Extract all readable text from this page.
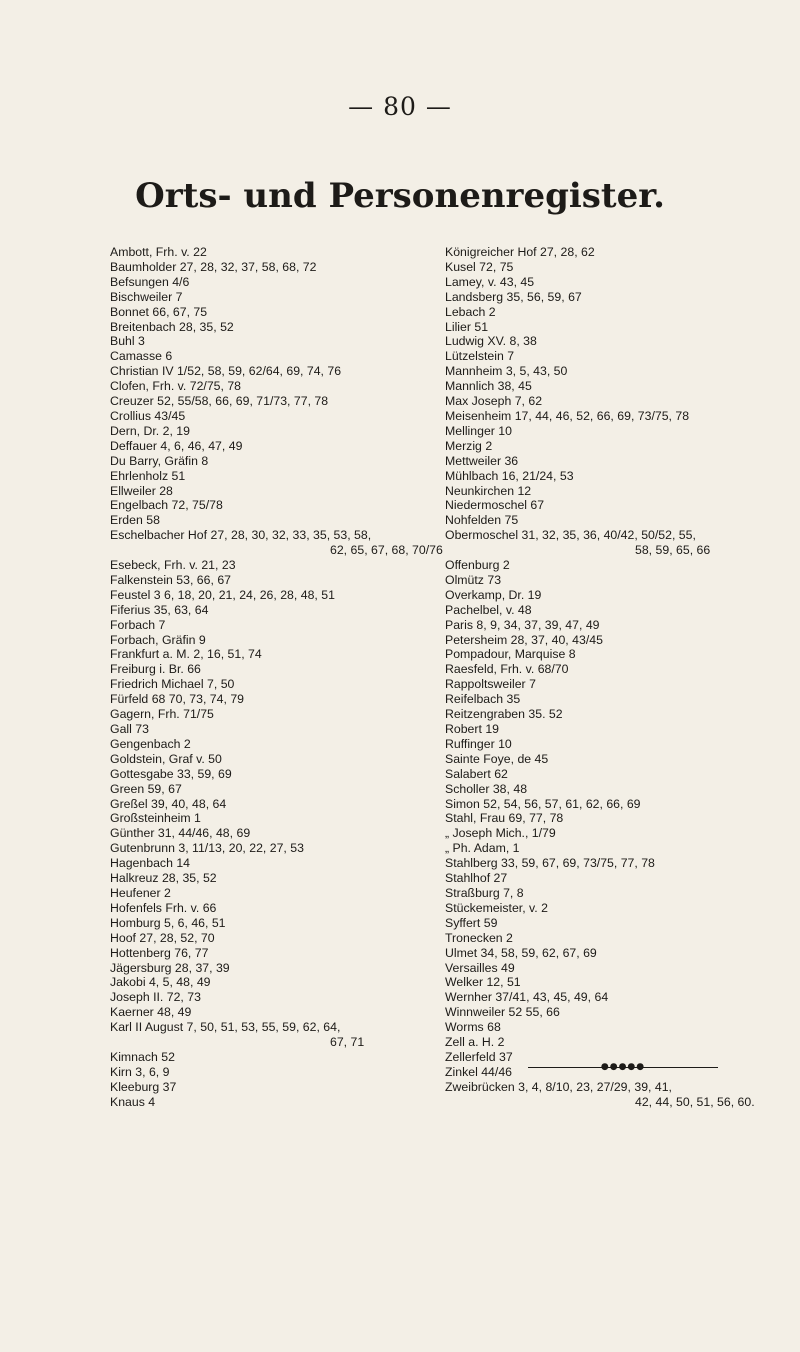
— 80 —
Orts- und Personenregister.
Ambott, Frh. v. 22
Baumholder 27, 28, 32, 37, 58, 68, 72
Befsungen 4/6
Bischweiler 7
Bonnet 66, 67, 75
Breitenbach 28, 35, 52
Buhl 3
Camasse 6
Christian IV 1/52, 58, 59, 62/64, 69, 74, 76
Clofen, Frh. v. 72/75, 78
Creuzer 52, 55/58, 66, 69, 71/73, 77, 78
Crollius 43/45
Dern, Dr. 2, 19
Deffauer 4, 6, 46, 47, 49
Du Barry, Gräfin 8
Ehrlenholz 51
Ellweiler 28
Engelbach 72, 75/78
Erden 58
Eschelbacher Hof 27, 28, 30, 32, 33, 35, 53, 58,
62, 65, 67, 68, 70/76
Esebeck, Frh. v. 21, 23
Falkenstein 53, 66, 67
Feustel 3 6, 18, 20, 21, 24, 26, 28, 48, 51
Fiferius 35, 63, 64
Forbach 7
Forbach, Gräfin 9
Frankfurt a. M. 2, 16, 51, 74
Freiburg i. Br. 66
Friedrich Michael 7, 50
Fürfeld 68 70, 73, 74, 79
Gagern, Frh. 71/75
Gall 73
Gengenbach 2
Goldstein, Graf v. 50
Gottesgabe 33, 59, 69
Green 59, 67
Greßel 39, 40, 48, 64
Großsteinheim 1
Günther 31, 44/46, 48, 69
Gutenbrunn 3, 11/13, 20, 22, 27, 53
Hagenbach 14
Halkreuz 28, 35, 52
Heufener 2
Hofenfels Frh. v. 66
Homburg 5, 6, 46, 51
Hoof 27, 28, 52, 70
Hottenberg 76, 77
Jägersburg 28, 37, 39
Jakobi 4, 5, 48, 49
Joseph II. 72, 73
Kaerner 48, 49
Karl II August 7, 50, 51, 53, 55, 59, 62, 64,
67, 71
Kimnach 52
Kirn 3, 6, 9
Kleeburg 37
Knaus 4
Königreicher Hof 27, 28, 62
Kusel 72, 75
Lamey, v. 43, 45
Landsberg 35, 56, 59, 67
Lebach 2
Lilier 51
Ludwig XV. 8, 38
Lützelstein 7
Mannheim 3, 5, 43, 50
Mannlich 38, 45
Max Joseph 7, 62
Meisenheim 17, 44, 46, 52, 66, 69, 73/75, 78
Mellinger 10
Merzig 2
Mettweiler 36
Mühlbach 16, 21/24, 53
Neunkirchen 12
Niedermoschel 67
Nohfelden 75
Obermoschel 31, 32, 35, 36, 40/42, 50/52, 55,
58, 59, 65, 66
Offenburg 2
Olmütz 73
Overkamp, Dr. 19
Pachelbel, v. 48
Paris 8, 9, 34, 37, 39, 47, 49
Petersheim 28, 37, 40, 43/45
Pompadour, Marquise 8
Raesfeld, Frh. v. 68/70
Rappoltsweiler 7
Reifelbach 35
Reitzengraben 35. 52
Robert 19
Ruffinger 10
Sainte Foye, de 45
Salabert 62
Scholler 38, 48
Simon 52, 54, 56, 57, 61, 62, 66, 69
Stahl, Frau 69, 77, 78
„ Joseph Mich., 1/79
„ Ph. Adam, 1
Stahlberg 33, 59, 67, 69, 73/75, 77, 78
Stahlhof 27
Straßburg 7, 8
Stückemeister, v. 2
Syffert 59
Tronecken 2
Ulmet 34, 58, 59, 62, 67, 69
Versailles 49
Welker 12, 51
Wernher 37/41, 43, 45, 49, 64
Winnweiler 52 55, 66
Worms 68
Zell a. H. 2
Zellerfeld 37
Zinkel 44/46
Zweibrücken 3, 4, 8/10, 23, 27/29, 39, 41,
42, 44, 50, 51, 56, 60.
●●●●●
